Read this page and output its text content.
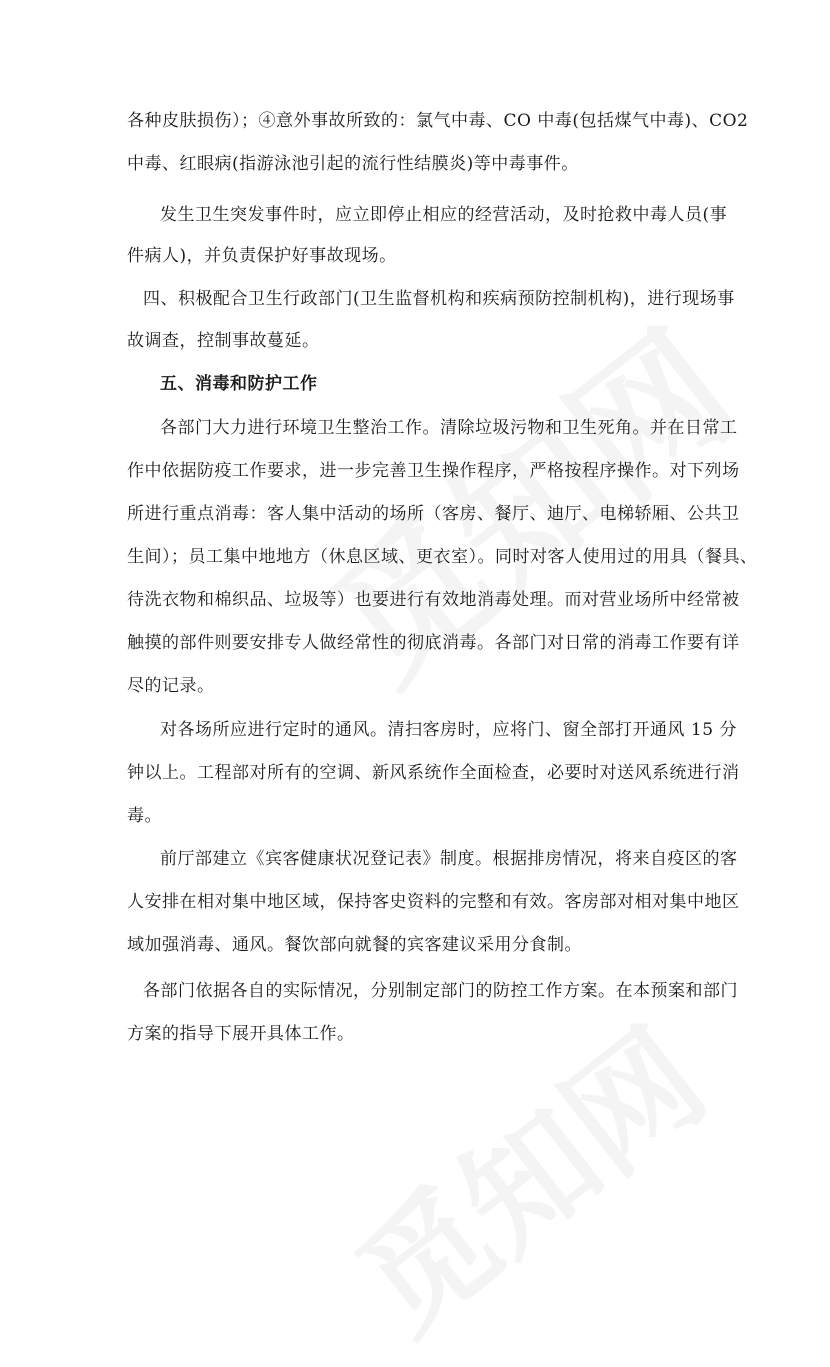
各种皮肤损伤）；④意外事故所致的：氯气中毒、CO 中毒(包括煤气中毒)、CO2
中毒、红眼病(指游泳池引起的流行性结膜炎)等中毒事件。
发生卫生突发事件时，应立即停止相应的经营活动，及时抢救中毒人员(事
件病人)，并负责保护好事故现场。
四、积极配合卫生行政部门(卫生监督机构和疾病预防控制机构)，进行现场事
故调查，控制事故蔓延。
五、消毒和防护工作
各部门大力进行环境卫生整治工作。清除垃圾污物和卫生死角。并在日常工
作中依据防疫工作要求，进一步完善卫生操作程序，严格按程序操作。对下列场
所进行重点消毒：客人集中活动的场所（客房、餐厅、迪厅、电梯轿厢、公共卫
生间）；员工集中地地方（休息区域、更衣室）。同时对客人使用过的用具（餐具、
待洗衣物和棉织品、垃圾等）也要进行有效地消毒处理。而对营业场所中经常被
触摸的部件则要安排专人做经常性的彻底消毒。各部门对日常的消毒工作要有详
尽的记录。
对各场所应进行定时的通风。清扫客房时，应将门、窗全部打开通风 15 分
钟以上。工程部对所有的空调、新风系统作全面检查，必要时对送风系统进行消
毒。
前厅部建立《宾客健康状况登记表》制度。根据排房情况，将来自疫区的客
人安排在相对集中地区域，保持客史资料的完整和有效。客房部对相对集中地区
域加强消毒、通风。餐饮部向就餐的宾客建议采用分食制。
各部门依据各自的实际情况，分别制定部门的防控工作方案。在本预案和部门
方案的指导下展开具体工作。
